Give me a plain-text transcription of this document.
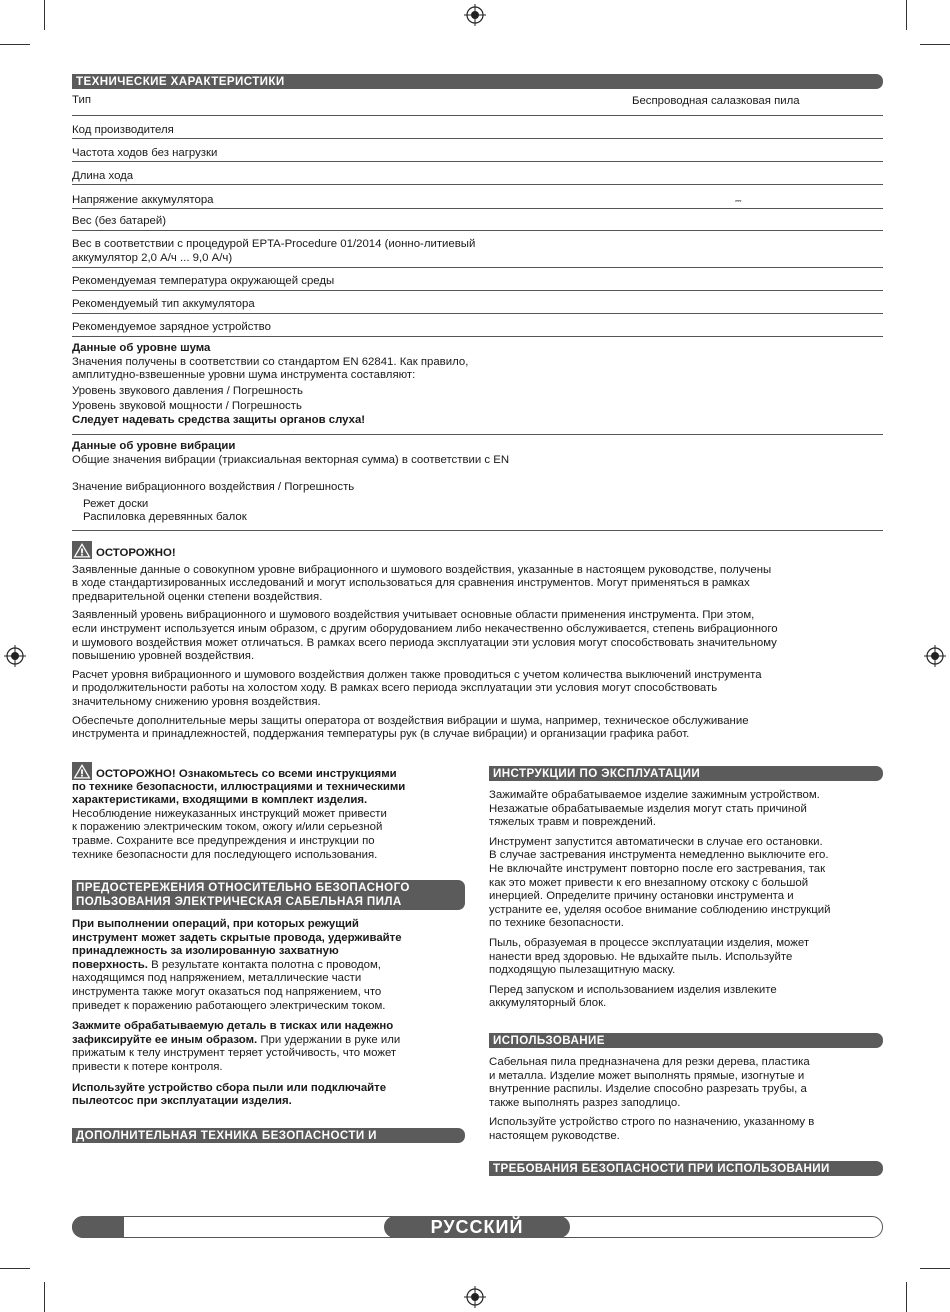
ТЕХНИЧЕСКИЕ ХАРАКТЕРИСТИКИ
Тип	Беспроводная салазковая пила
Код производителя
Частота ходов без нагрузки
Длина хода
Напряжение аккумулятора	⎓
Вес (без батарей)
Вес в соответствии с процедурой EPTA-Procedure 01/2014 (ионно-литиевый
аккумулятор 2,0 А/ч ... 9,0 А/ч)
Рекомендуемая температура окружающей среды
Рекомендуемый тип аккумулятора
Рекомендуемое зарядное устройство
Данные об уровне шума
Значения получены в соответствии со стандартом EN 62841. Как правило,
амплитудно-взвешенные уровни шума инструмента составляют:
Уровень звукового давления / Погрешность
Уровень звуковой мощности / Погрешность
Следует надевать средства защиты органов слуха!
Данные об уровне вибрации
Общие значения вибрации (триаксиальная векторная сумма) в соответствии с EN
Значение вибрационного воздействия / Погрешность
Режет доски
Распиловка деревянных балок

ОСТОРОЖНО!

Заявленные данные о совокупном уровне вибрационного и шумового воздействия, указанные в настоящем руководстве, получены
в ходе стандартизированных исследований и могут использоваться для сравнения инструментов. Могут применяться в рамках
предварительной оценки степени воздействия.

Заявленный уровень вибрационного и шумового воздействия учитывает основные области применения инструмента. При этом,
если инструмент используется иным образом, с другим оборудованием либо некачественно обслуживается, степень вибрационного
и шумового воздействия может отличаться. В рамках всего периода эксплуатации эти условия могут способствовать значительному
повышению уровней воздействия.

Расчет уровня вибрационного и шумового воздействия должен также проводиться с учетом количества выключений инструмента
и продолжительности работы на холостом ходу. В рамках всего периода эксплуатации эти условия могут способствовать
значительному снижению уровня воздействия.

Обеспечьте дополнительные меры защиты оператора от воздействия вибрации и шума, например, техническое обслуживание
инструмента и принадлежностей, поддержания температуры рук (в случае вибрации) и организации графика работ.

ОСТОРОЖНО! Ознакомьтесь со всеми инструкциями

по технике безопасности, иллюстрациями и техническими
характеристиками, входящими в комплект изделия.

Несоблюдение нижеуказанных инструкций может привести
к поражению электрическим током, ожогу и/или серьезной
травме. Сохраните все предупреждения и инструкции по
технике безопасности для последующего использования.

ПРЕДОСТЕРЕЖЕНИЯ ОТНОСИТЕЛЬНО БЕЗОПАСНОГО
ПОЛЬЗОВАНИЯ ЭЛЕКТРИЧЕСКАЯ САБЕЛЬНАЯ ПИЛА

При выполнении операций, при которых режущий
инструмент может задеть скрытые провода, удерживайте
принадлежность за изолированную захватную
поверхность. В результате контакта полотна с проводом,
находящимся под напряжением, металлические части
инструмента также могут оказаться под напряжением, что
приведет к поражению работающего электрическим током.

Зажмите обрабатываемую деталь в тисках или надежно
зафиксируйте ее иным образом. При удержании в руке или
прижатым к телу инструмент теряет устойчивость, что может
привести к потере контроля.

Используйте устройство сбора пыли или подключайте
пылеотсос при эксплуатации изделия.

ДОПОЛНИТЕЛЬНАЯ ТЕХНИКА БЕЗОПАСНОСТИ И
ИНСТРУКЦИИ ПО ЭКСПЛУАТАЦИИ

Зажимайте обрабатываемое изделие зажимным устройством.
Незажатые обрабатываемые изделия могут стать причиной
тяжелых травм и повреждений.

Инструмент запустится автоматически в случае его остановки.
В случае застревания инструмента немедленно выключите его.
Не включайте инструмент повторно после его застревания, так
как это может привести к его внезапному отскоку с большой
инерцией. Определите причину остановки инструмента и
устраните ее, уделяя особое внимание соблюдению инструкций
по технике безопасности.

Пыль, образуемая в процессе эксплуатации изделия, может
нанести вред здоровью. Не вдыхайте пыль. Используйте
подходящую пылезащитную маску.

Перед запуском и использованием изделия извлеките
аккумуляторный блок.

ИСПОЛЬЗОВАНИЕ

Сабельная пила предназначена для резки дерева, пластика
и металла. Изделие может выполнять прямые, изогнутые и
внутренние распилы. Изделие способно разрезать трубы, а
также выполнять разрез заподлицо.

Используйте устройство строго по назначению, указанному в
настоящем руководстве.

ТРЕБОВАНИЯ БЕЗОПАСНОСТИ ПРИ ИСПОЛЬЗОВАНИИ
РУССКИЙ
